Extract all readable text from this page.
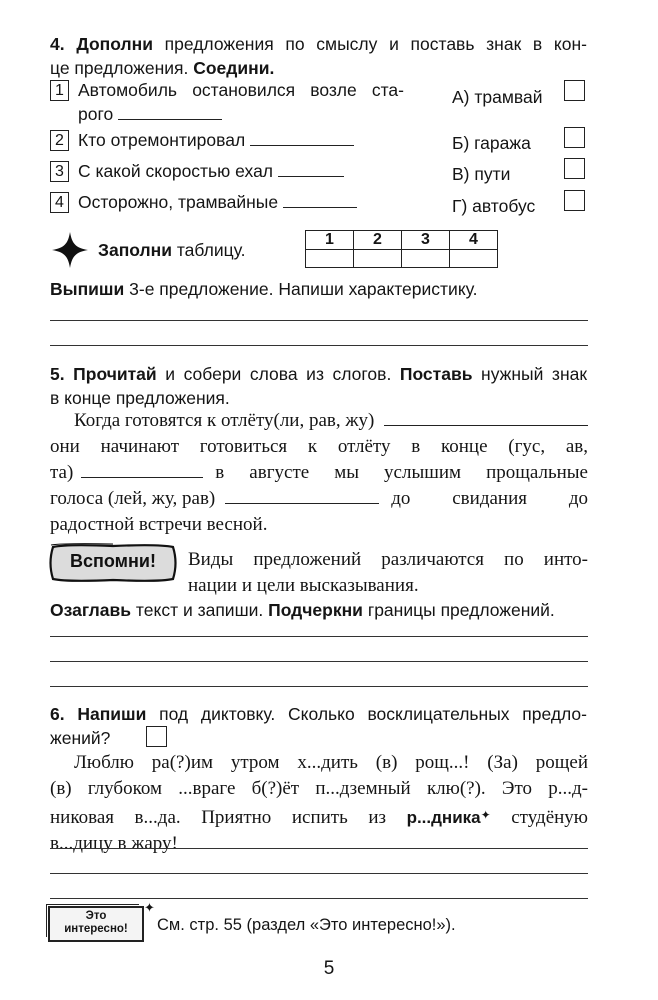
4. Дополни предложения по смыслу и поставь знак в кон-
це предложения. Соедини.
1 Автомобиль остановился возле ста-
рого
2 Кто отремонтировал
3 С какой скоростью ехал
4 Осторожно, трамвайные
А) трамвай
Б) гаража
В) пути
Г) автобус
Заполни таблицу.
1	2	3	4

Выпиши 3-е предложение. Напиши характеристику.
5. Прочитай и собери слова из слогов. Поставь нужный знак
в конце предложения.
Когда готовятся к отлёту(ли, рав, жу)
они начинают готовиться к отлёту в конце (гус, ав,
та)	в августе мы услышим прощальные
голоса (лей, жу, рав)	до свидания до
радостной встречи весной.
Вспомни!	Виды предложений различаются по инто-
нации и цели высказывания.
Озаглавь текст и запиши. Подчеркни границы предложений.
6. Напиши под диктовку. Сколько восклицательных предло-
жений?
Люблю ра(?)им утром х...дить (в) рощ...! (За) рощей
(в) глубоком ...враге б(?)ёт п...дземный клю(?). Это р...д-
никовая в...да. Приятно испить из р...дника✦ студёную
в...дицу в жару!
Это
интересно!
✦
См. стр. 55 (раздел «Это интересно!»).
5
